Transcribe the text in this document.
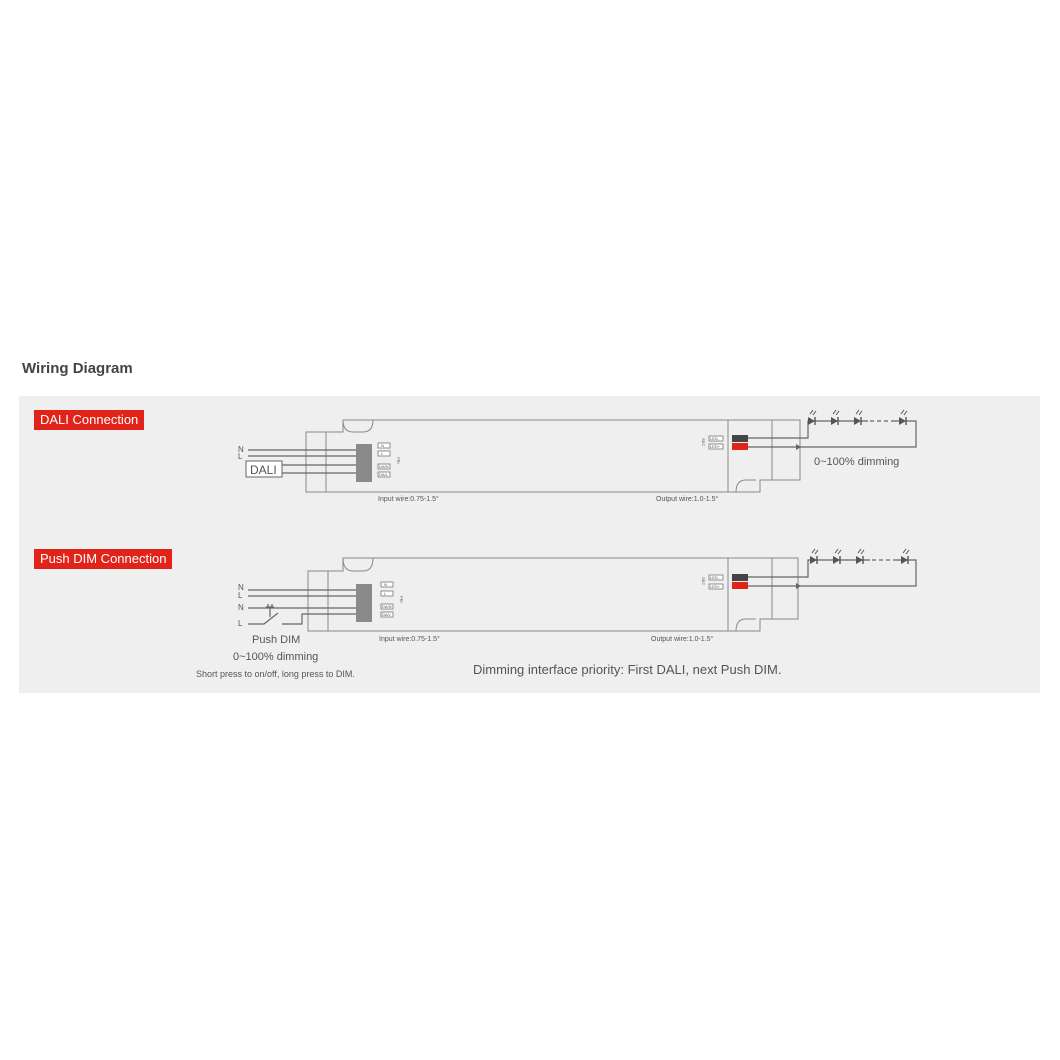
Wiring Diagram
DALI Connection
Push DIM Connection
N
L
DALI
N
L
DA/N
DA/L
PRI
LED-
LED+
SEC
Input wire:0.75-1.5°	Output wire:1.0-1.5°
0~100% dimming
N
L
N
L
N
L
DA/N
DA/L
PRI
LED-
LED+
SEC
Input wire:0.75-1.5°	Output wire:1.0-1.5°
Push DIM
0~100% dimming
Short press to on/off, long press to DIM.	Dimming interface priority: First DALI, next Push DIM.
